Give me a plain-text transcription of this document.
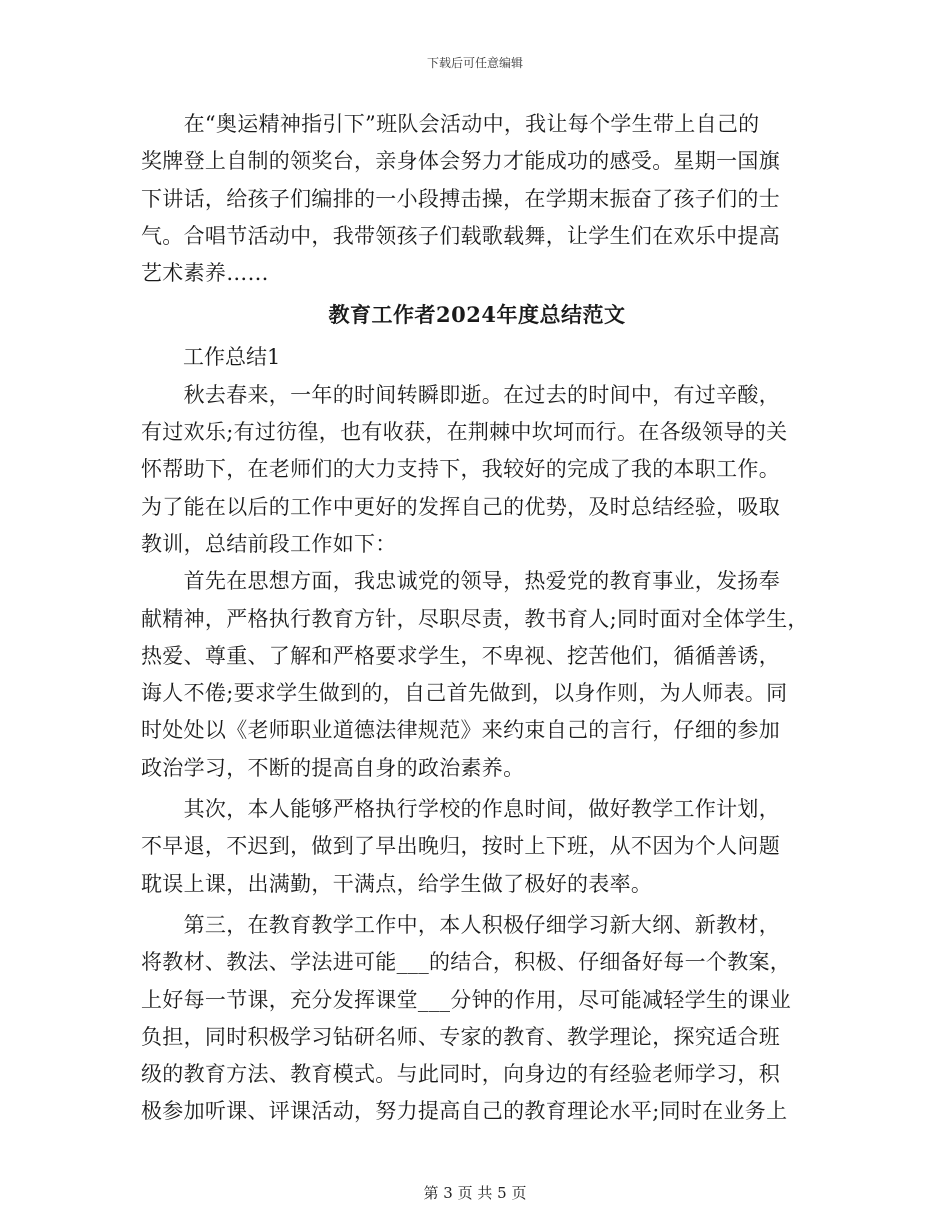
下载后可任意编辑

　　在“奥运精神指引下”班队会活动中，我让每个学生带上自己的

奖牌登上自制的领奖台，亲身体会努力才能成功的感受。星期一国旗

下讲话，给孩子们编排的一小段搏击操，在学期末振奋了孩子们的士

气。合唱节活动中，我带领孩子们载歌载舞，让学生们在欢乐中提高

艺术素养……

教育工作者2024年度总结范文

　　工作总结1

　　秋去春来，一年的时间转瞬即逝。在过去的时间中，有过辛酸，

有过欢乐;有过彷徨，也有收获，在荆棘中坎坷而行。在各级领导的关

怀帮助下，在老师们的大力支持下，我较好的完成了我的本职工作。

为了能在以后的工作中更好的发挥自己的优势，及时总结经验，吸取

教训，总结前段工作如下：

　　首先在思想方面，我忠诚党的领导，热爱党的教育事业，发扬奉

献精神，严格执行教育方针，尽职尽责，教书育人;同时面对全体学生，

热爱、尊重、了解和严格要求学生，不卑视、挖苦他们，循循善诱，

诲人不倦;要求学生做到的，自己首先做到，以身作则，为人师表。同

时处处以《老师职业道德法律规范》来约束自己的言行，仔细的参加

政治学习，不断的提高自身的政治素养。

　　其次，本人能够严格执行学校的作息时间，做好教学工作计划，

不早退，不迟到，做到了早出晚归，按时上下班，从不因为个人问题

耽误上课，出满勤，干满点，给学生做了极好的表率。

　　第三，在教育教学工作中，本人积极仔细学习新大纲、新教材，

将教材、教法、学法进可能___的结合，积极、仔细备好每一个教案，

上好每一节课，充分发挥课堂___分钟的作用，尽可能减轻学生的课业

负担，同时积极学习钻研名师、专家的教育、教学理论，探究适合班

级的教育方法、教育模式。与此同时，向身边的有经验老师学习，积

极参加听课、评课活动，努力提高自己的教育理论水平;同时在业务上

第 3 页 共 5 页
